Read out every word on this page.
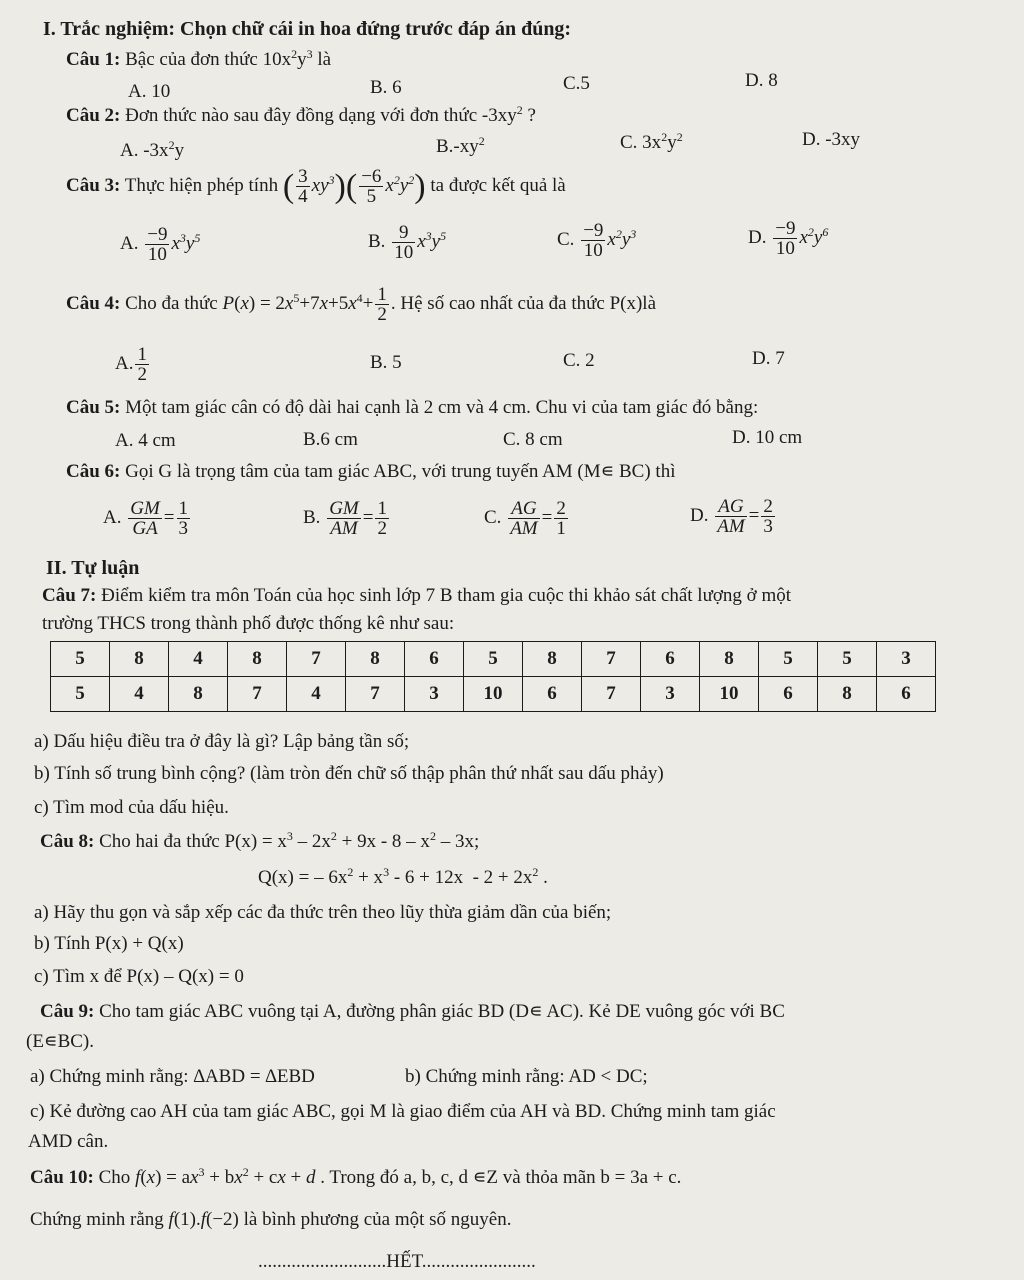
I. Trắc nghiệm: Chọn chữ cái in hoa đứng trước đáp án đúng:
Câu 1: Bậc của đơn thức $10x^2y^3$ là
A. 10	B. 6	C.5	D. 8
Câu 2: Đơn thức nào sau đây đồng dạng với đơn thức $-3xy^2$ ?
A. $-3x^2y$	$B.-xy^2$	C. $3x^2y^2$	D. -3xy
Câu 3: Thực hiện phép tính ( $\frac{3}{4} xy^3)( \frac{-6}{5} x^2y^2)$ ta được kết quả là
A. $\frac{-9}{10} x^3y^5$	B. $\frac{9}{10} x^3y^5$	C. $\frac{-9}{10} x^2y^3$	D. $\frac{-9}{10} x^2y^6$
Câu 4: Cho đa thức $P(x) = 2x^5+7x+5x^4+ \frac{1}{2}$ . Hệ số cao nhất của đa thức P(x)là
A. $\frac{1}{2}$	B. 5	C. 2	D. 7
Câu 5: Một tam giác cân có độ dài hai cạnh là 2 cm và 4 cm. Chu vi của tam giác đó bằng:
A. 4 cm	B.6 cm	C. 8 cm	D. 10 cm
Câu 6: Gọi G là trọng tâm của tam giác ABC, với trung tuyến AM (M∊ BC) thì
A. $\frac{GM}{GA} = \frac{1}{3}$	B. $\frac{GM}{AM} = \frac{1}{2}$	C. $\frac{AG}{AM} = \frac{2}{1}$	D. $\frac{AG}{AM} = \frac{2}{3}$
II. Tự luận
Câu 7: Điểm kiểm tra môn Toán của học sinh lớp 7 B tham gia cuộc thi khảo sát chất lượng ở một
trường THCS trong thành phố được thống kê như sau:
5	8	4	8	7	8	6	5	8	7	6	8	5	5	3
5	4	8	7	4	7	3	10	6	7	3	10	6	8	6
a) Dấu hiệu điều tra ở đây là gì? Lập bảng tần số;
b) Tính số trung bình cộng? (làm tròn đến chữ số thập phân thứ nhất sau dấu phảy)
c) Tìm mod của dấu hiệu.
Câu 8: Cho hai đa thức $P(x) = x^3 - 2x^2 + 9x - 8 - x^2 - 3x$;
Q(x) = – $6x^2 + x^3 - 6 + 12x - 2 + 2x^2$ .
a) Hãy thu gọn và sắp xếp các đa thức trên theo lũy thừa giảm dần của biến;
b) Tính P(x) + Q(x)
c) Tìm x để P(x) – Q(x) = 0
Câu 9: Cho tam giác ABC vuông tại A, đường phân giác BD (D∊ AC). Kẻ DE vuông góc với BC
(E∊BC).
a) Chứng minh rằng: ∆ABD = ∆EBD	b) Chứng minh rằng: AD < DC;
c) Kẻ đường cao AH của tam giác ABC, gọi M là giao điểm của AH và BD. Chứng minh tam giác
AMD cân.
Câu 10: Cho $f(x) = ax^3 + bx^2$ + cx + d . Trong đó a, b, c, d ∊Z và thỏa mãn b = 3a + c.
Chứng minh rằng f(1).f(−2) là bình phương của một số nguyên.
...........................HẾT........................
